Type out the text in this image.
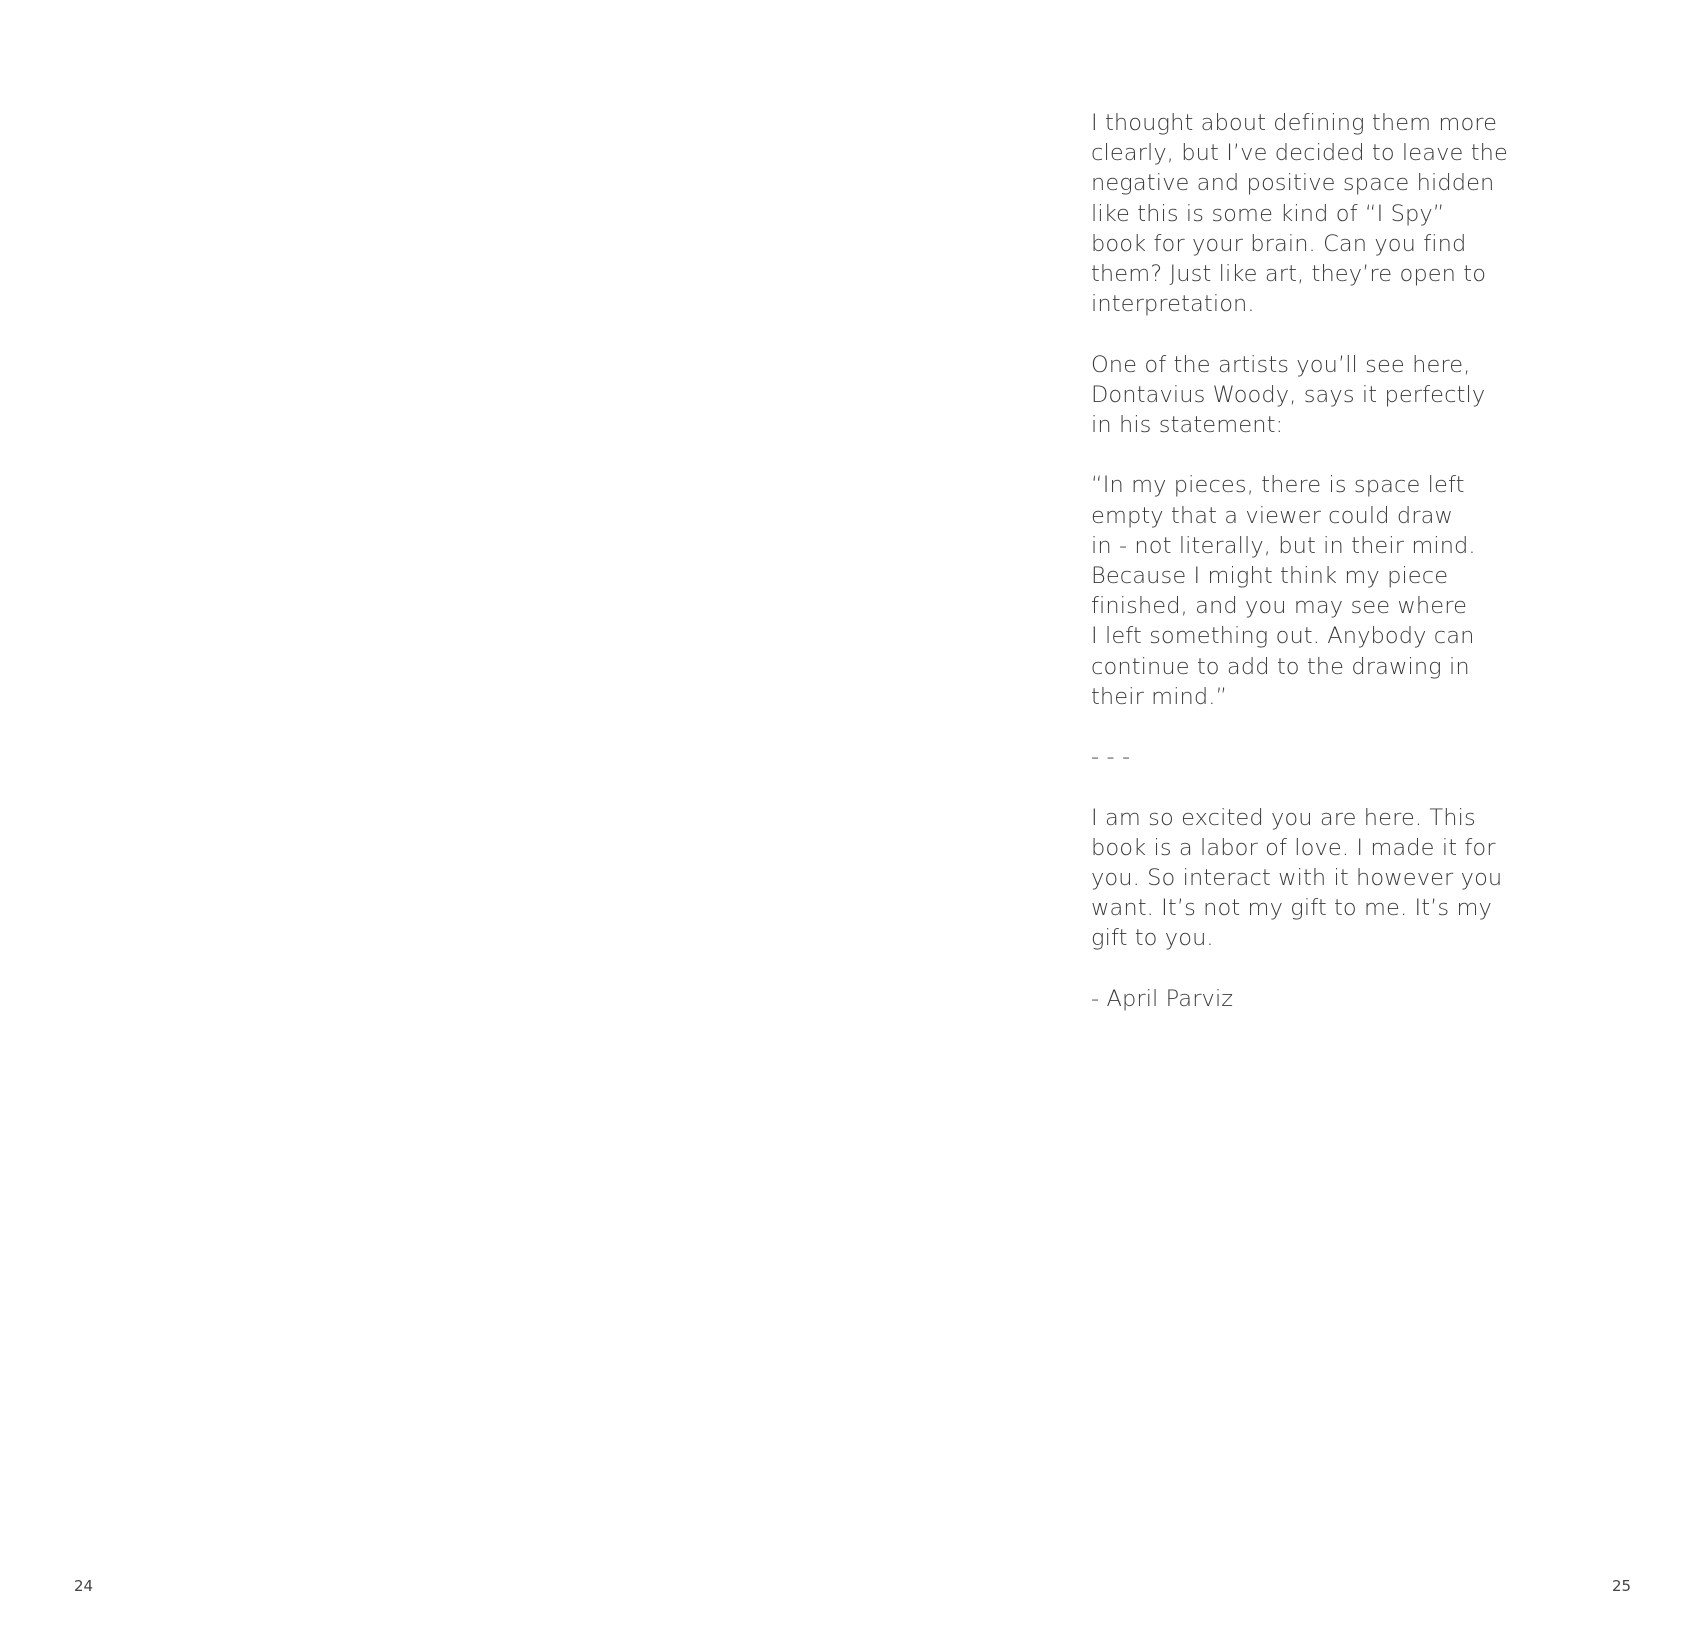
24
I thought about defining them more
clearly, but I’ve decided to leave the
negative and positive space hidden
like this is some kind of “I Spy”
book for your brain. Can you find
them? Just like art, they’re open to
interpretation.
One of the artists you’ll see here,
Dontavius Woody, says it perfectly
in his statement:
“In my pieces, there is space left
empty that a viewer could draw
in - not literally, but in their mind.
Because I might think my piece
finished, and you may see where
I left something out. Anybody can
continue to add to the drawing in
their mind.”
- - -
I am so excited you are here. This
book is a labor of love. I made it for
you. So interact with it however you
want. It’s not my gift to me. It’s my
gift to you.
- April Parviz
25
